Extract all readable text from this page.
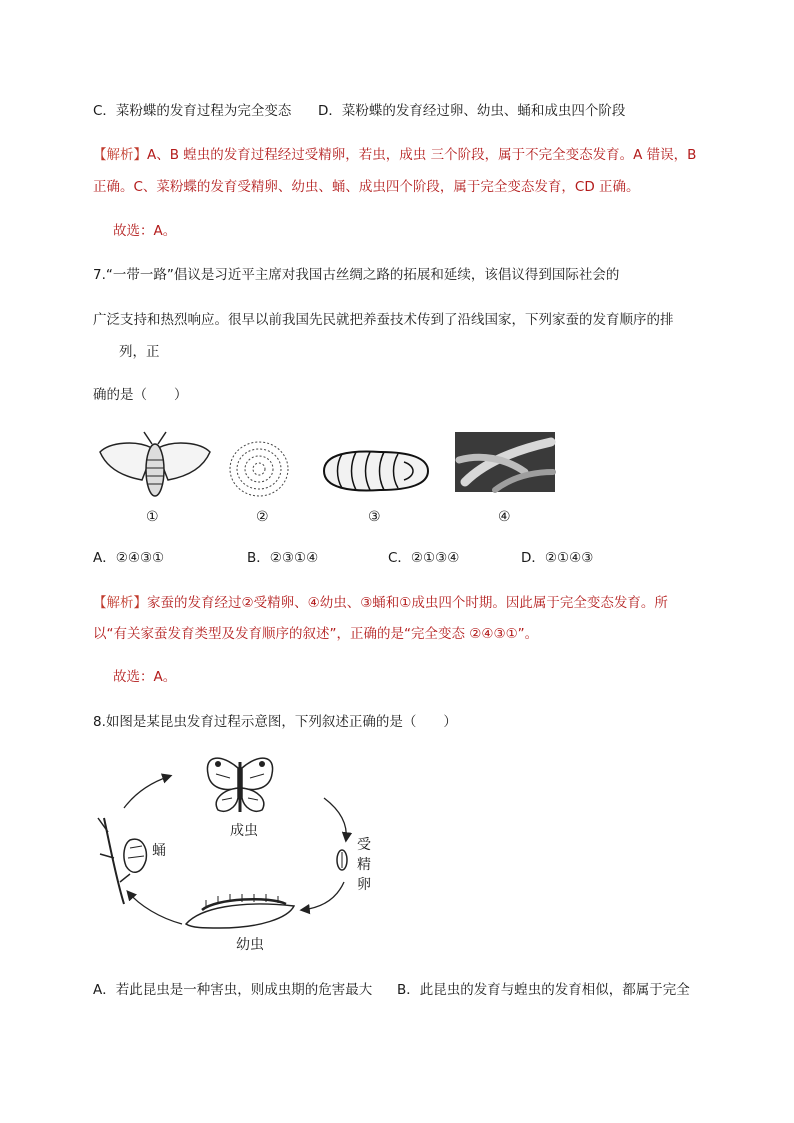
C．菜粉蝶的发育过程为完全变态 D．菜粉蝶的发育经过卵、幼虫、蛹和成虫四个阶段
【解析】A、B 蝗虫的发育过程经过受精卵，若虫，成虫 三个阶段，属于不完全变态发育。A 错误，B
正确。C、菜粉蝶的发育受精卵、幼虫、蛹、成虫四个阶段，属于完全变态发育，CD 正确。
故选：A。
7.“一带一路”倡议是习近平主席对我国古丝绸之路的拓展和延续，该倡议得到国际社会的
广泛支持和热烈响应。很早以前我国先民就把养蚕技术传到了沿线国家，下列家蚕的发育顺序的排
列，正
确的是（　　）
①	②	③	④
A．②④③①	B．②③①④	C．②①③④	D．②①④③
【解析】家蚕的发育经过②受精卵、④幼虫、③蛹和①成虫四个时期。因此属于完全变态发育。所
以“有关家蚕发育类型及发育顺序的叙述”，正确的是“完全变态 ②④③①”。
故选：A。
8.如图是某昆虫发育过程示意图，下列叙述正确的是（　　）
成虫
受
精
卵
蛹
幼虫
A．若此昆虫是一种害虫，则成虫期的危害最大 B．此昆虫的发育与蝗虫的发育相似，都属于完全
